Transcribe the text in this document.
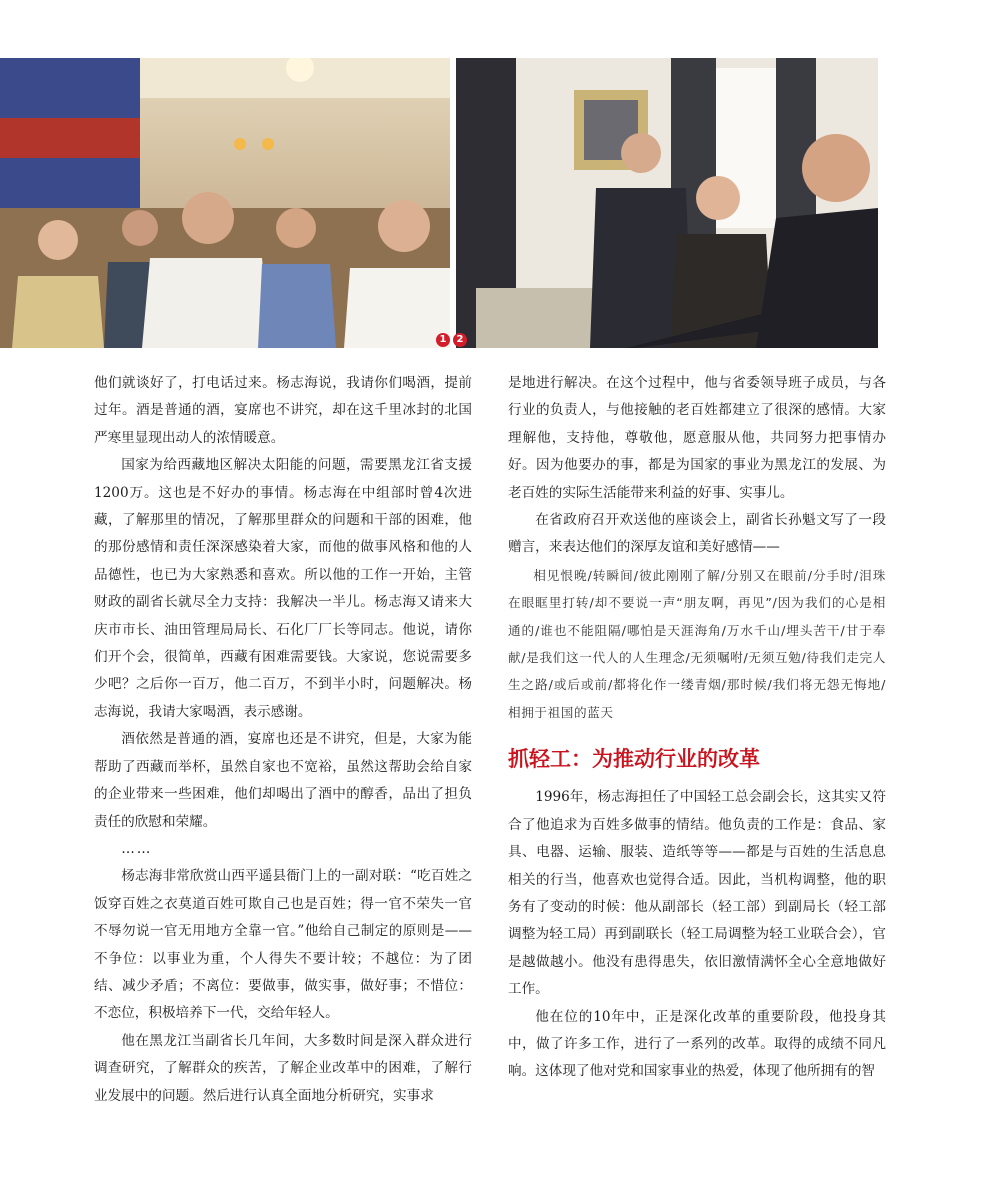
1	2

他们就谈好了，打电话过来。杨志海说，我请你们喝酒，提前过年。酒是普通的酒，宴席也不讲究，却在这千里冰封的北国严寒里显现出动人的浓情暖意。

国家为给西藏地区解决太阳能的问题，需要黑龙江省支援1200万。这也是不好办的事情。杨志海在中组部时曾4次进藏，了解那里的情况，了解那里群众的问题和干部的困难，他的那份感情和责任深深感染着大家，而他的做事风格和他的人品德性，也已为大家熟悉和喜欢。所以他的工作一开始，主管财政的副省长就尽全力支持：我解决一半儿。杨志海又请来大庆市市长、油田管理局局长、石化厂厂长等同志。他说，请你们开个会，很简单，西藏有困难需要钱。大家说，您说需要多少吧？之后你一百万，他二百万，不到半小时，问题解决。杨志海说，我请大家喝酒，表示感谢。

酒依然是普通的酒，宴席也还是不讲究，但是，大家为能帮助了西藏而举杯，虽然自家也不宽裕，虽然这帮助会给自家的企业带来一些困难，他们却喝出了酒中的醇香，品出了担负责任的欣慰和荣耀。

……

杨志海非常欣赏山西平遥县衙门上的一副对联：“吃百姓之饭穿百姓之衣莫道百姓可欺自己也是百姓；得一官不荣失一官不辱勿说一官无用地方全靠一官。”他给自己制定的原则是——不争位：以事业为重，个人得失不要计较；不越位：为了团结、减少矛盾；不离位：要做事，做实事，做好事；不惜位：不恋位，积极培养下一代，交给年轻人。

他在黑龙江当副省长几年间，大多数时间是深入群众进行调查研究，了解群众的疾苦，了解企业改革中的困难，了解行业发展中的问题。然后进行认真全面地分析研究，实事求

是地进行解决。在这个过程中，他与省委领导班子成员，与各行业的负责人，与他接触的老百姓都建立了很深的感情。大家理解他，支持他，尊敬他，愿意服从他，共同努力把事情办好。因为他要办的事，都是为国家的事业为黑龙江的发展、为老百姓的实际生活能带来利益的好事、实事儿。

在省政府召开欢送他的座谈会上，副省长孙魁文写了一段赠言，来表达他们的深厚友谊和美好感情——

相见恨晚/转瞬间/彼此刚刚了解/分别又在眼前/分手时/泪珠在眼眶里打转/却不要说一声“朋友啊，再见”/因为我们的心是相通的/谁也不能阻隔/哪怕是天涯海角/万水千山/埋头苦干/甘于奉献/是我们这一代人的人生理念/无须嘱咐/无须互勉/待我们走完人生之路/或后或前/都将化作一缕青烟/那时候/我们将无怨无悔地/相拥于祖国的蓝天

抓轻工：为推动行业的改革

1996年，杨志海担任了中国轻工总会副会长，这其实又符合了他追求为百姓多做事的情结。他负责的工作是：食品、家具、电器、运输、服装、造纸等等——都是与百姓的生活息息相关的行当，他喜欢也觉得合适。因此，当机构调整，他的职务有了变动的时候：他从副部长（轻工部）到副局长（轻工部调整为轻工局）再到副联长（轻工局调整为轻工业联合会），官是越做越小。他没有患得患失，依旧激情满怀全心全意地做好工作。

他在位的10年中，正是深化改革的重要阶段，他投身其中，做了许多工作，进行了一系列的改革。取得的成绩不同凡响。这体现了他对党和国家事业的热爱，体现了他所拥有的智
